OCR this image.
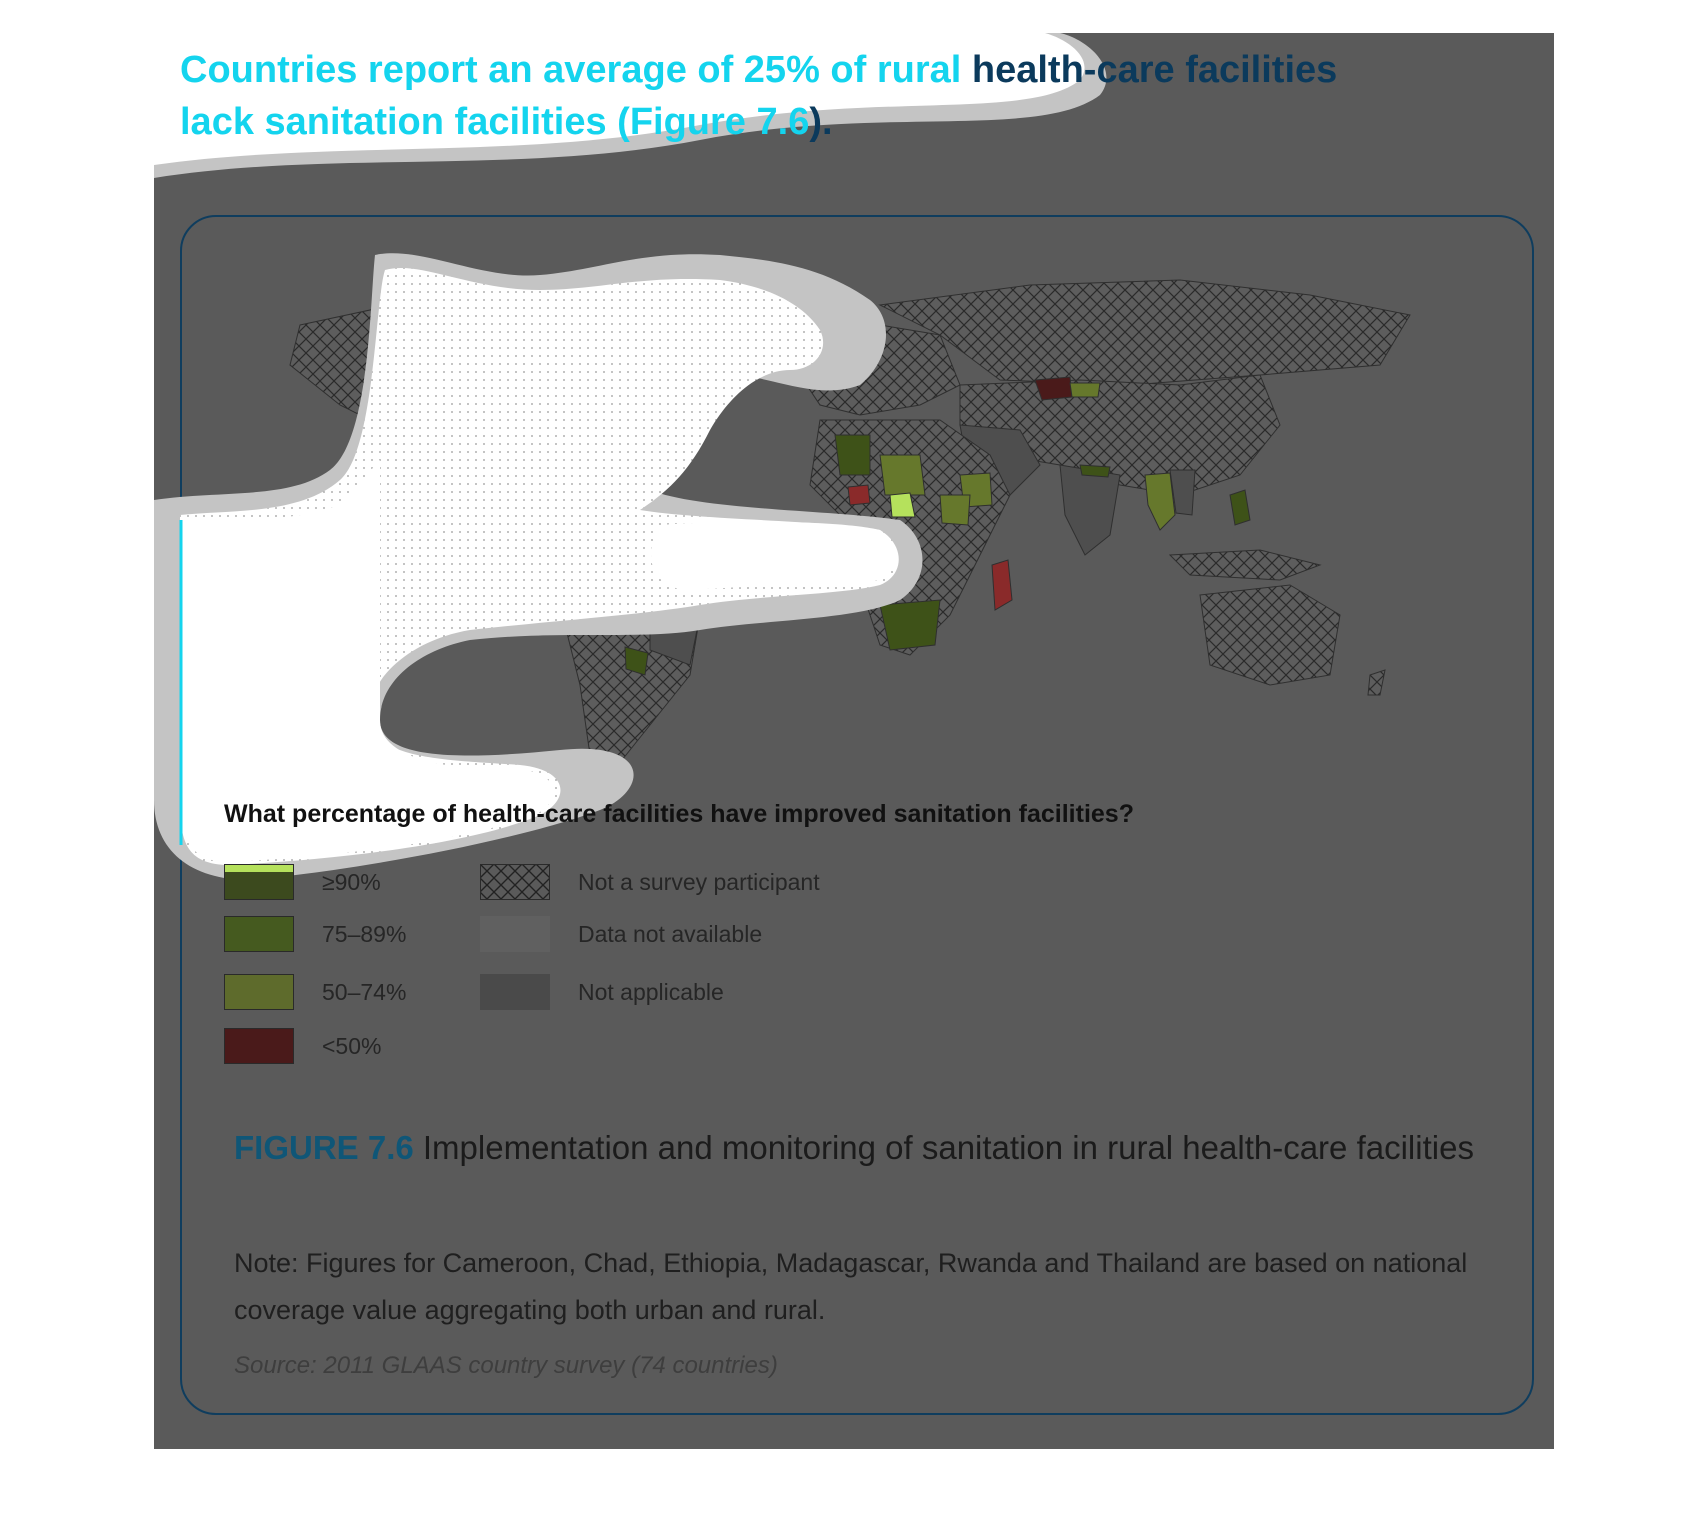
Countries report an average of 25% of rural health-care facilities
lack sanitation facilities (Figure 7.6).

What percentage of health-care facilities have improved sanitation facilities?

≥90%
75–89%
50–74%
<50%
Not a survey participant
Data not available
Not applicable

FIGURE 7.6 Implementation and monitoring of sanitation in rural health-care facilities

Note: Figures for Cameroon, Chad, Ethiopia, Madagascar, Rwanda and Thailand are based on national coverage value aggregating both urban and rural.

Source: 2011 GLAAS country survey (74 countries)
